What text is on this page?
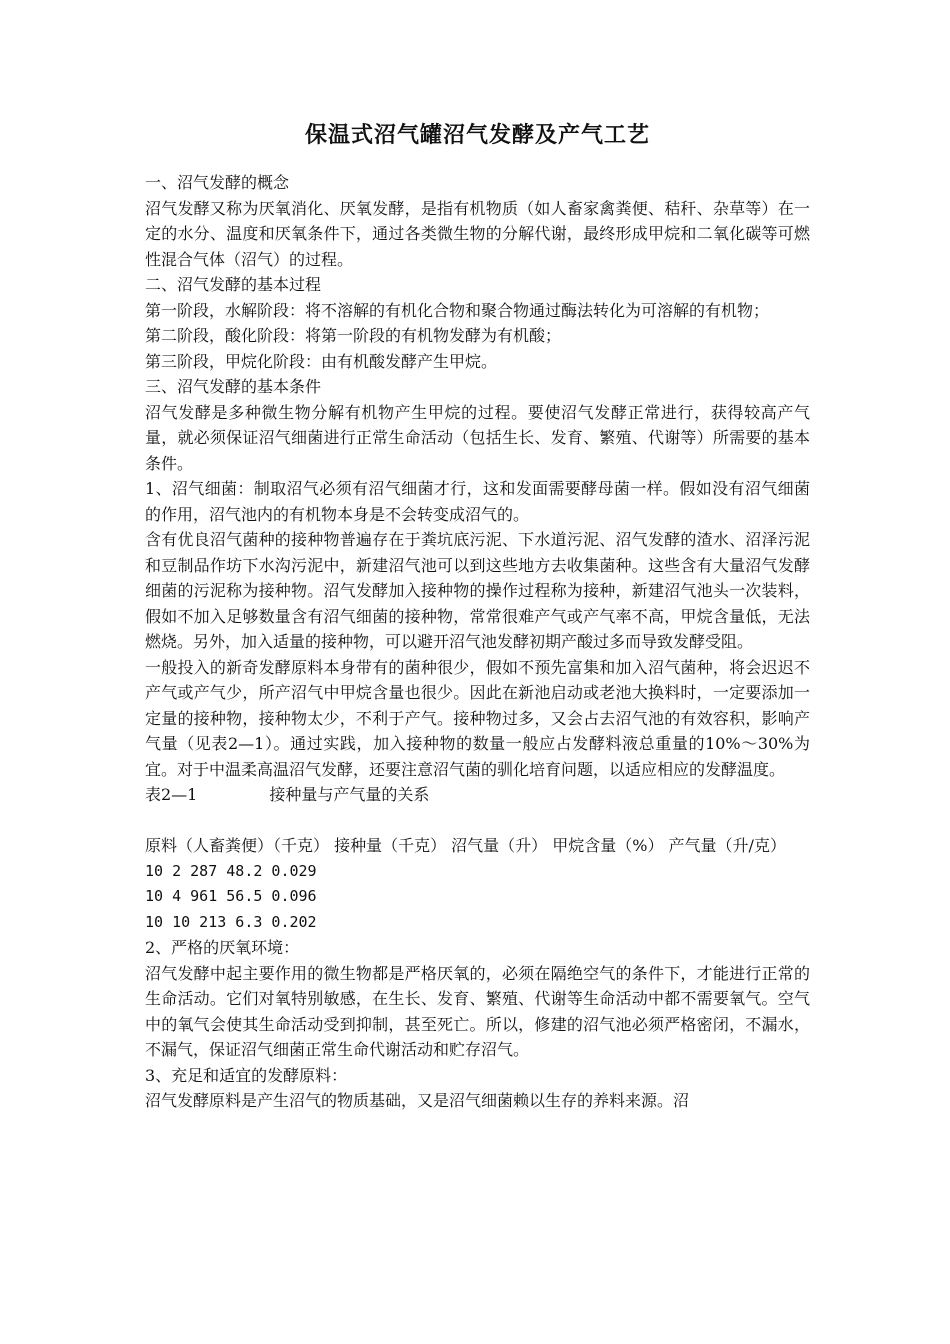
保温式沼气罐沼气发酵及产气工艺

一、沼气发酵的概念

沼气发酵又称为厌氧消化、厌氧发酵，是指有机物质（如人畜家禽粪便、秸秆、杂草等）在一定的水分、温度和厌氧条件下，通过各类微生物的分解代谢，最终形成甲烷和二氧化碳等可燃性混合气体（沼气）的过程。

二、沼气发酵的基本过程

第一阶段，水解阶段：将不溶解的有机化合物和聚合物通过酶法转化为可溶解的有机物；

第二阶段，酸化阶段：将第一阶段的有机物发酵为有机酸；

第三阶段，甲烷化阶段：由有机酸发酵产生甲烷。

三、沼气发酵的基本条件

沼气发酵是多种微生物分解有机物产生甲烷的过程。要使沼气发酵正常进行，获得较高产气量，就必须保证沼气细菌进行正常生命活动（包括生长、发育、繁殖、代谢等）所需要的基本条件。

1、沼气细菌：制取沼气必须有沼气细菌才行，这和发面需要酵母菌一样。假如没有沼气细菌的作用，沼气池内的有机物本身是不会转变成沼气的。

含有优良沼气菌种的接种物普遍存在于粪坑底污泥、下水道污泥、沼气发酵的渣水、沼泽污泥和豆制品作坊下水沟污泥中，新建沼气池可以到这些地方去收集菌种。这些含有大量沼气发酵细菌的污泥称为接种物。沼气发酵加入接种物的操作过程称为接种，新建沼气池头一次装料，假如不加入足够数量含有沼气细菌的接种物，常常很难产气或产气率不高，甲烷含量低，无法燃烧。另外，加入适量的接种物，可以避开沼气池发酵初期产酸过多而导致发酵受阻。

一般投入的新奇发酵原料本身带有的菌种很少，假如不预先富集和加入沼气菌种，将会迟迟不产气或产气少，所产沼气中甲烷含量也很少。因此在新池启动或老池大换料时，一定要添加一定量的接种物，接种物太少，不利于产气。接种物过多，又会占去沼气池的有效容积，影响产气量（见表2—1）。通过实践，加入接种物的数量一般应占发酵料液总重量的10%～30%为宜。对于中温柔高温沼气发酵，还要注意沼气菌的驯化培育问题，以适应相应的发酵温度。

表2—1	接种量与产气量的关系

原料（人畜粪便）（千克） 接种量（千克） 沼气量（升） 甲烷含量（%） 产气量（升/克）

10 2 287 48.2 0.029

10 4 961 56.5 0.096

10 10 213 6.3 0.202

2、严格的厌氧环境：

沼气发酵中起主要作用的微生物都是严格厌氧的，必须在隔绝空气的条件下，才能进行正常的生命活动。它们对氧特别敏感，在生长、发育、繁殖、代谢等生命活动中都不需要氧气。空气中的氧气会使其生命活动受到抑制，甚至死亡。所以，修建的沼气池必须严格密闭，不漏水，不漏气，保证沼气细菌正常生命代谢活动和贮存沼气。

3、充足和适宜的发酵原料：

沼气发酵原料是产生沼气的物质基础，又是沼气细菌赖以生存的养料来源。沼
